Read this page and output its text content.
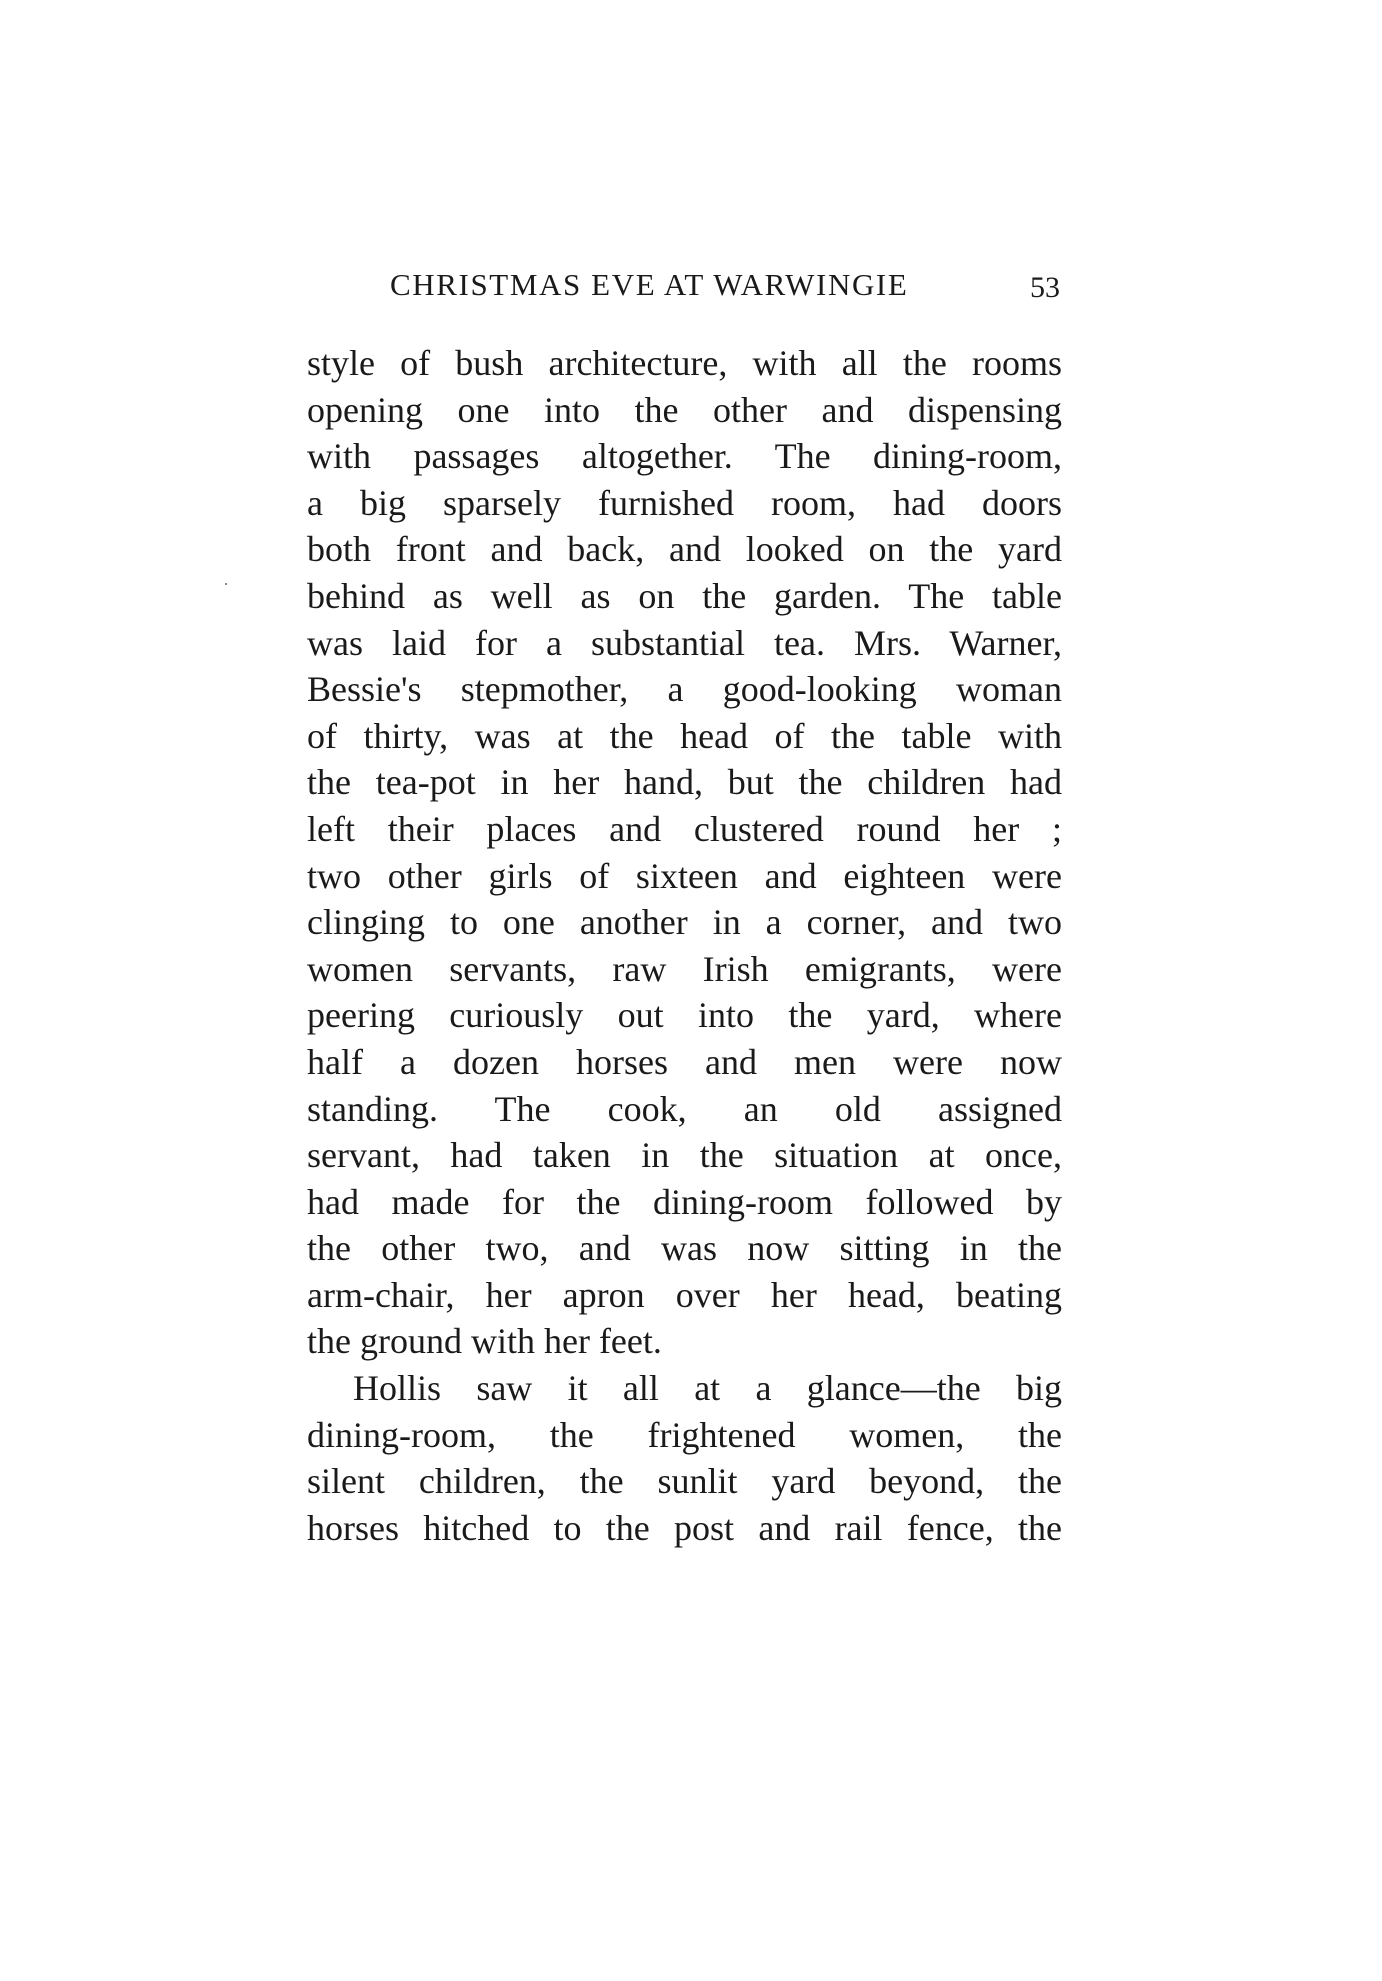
CHRISTMAS EVE AT WARWINGIE	53
style of bush architecture, with all the rooms
opening one into the other and dispensing
with passages altogether. The dining-room,
a big sparsely furnished room, had doors
both front and back, and looked on the yard
behind as well as on the garden. The table
was laid for a substantial tea. Mrs. Warner,
Bessie's stepmother, a good-looking woman
of thirty, was at the head of the table with
the tea-pot in her hand, but the children had
left their places and clustered round her ;
two other girls of sixteen and eighteen were
clinging to one another in a corner, and two
women servants, raw Irish emigrants, were
peering curiously out into the yard, where
half a dozen horses and men were now
standing. The cook, an old assigned
servant, had taken in the situation at once,
had made for the dining-room followed by
the other two, and was now sitting in the
arm-chair, her apron over her head, beating
the ground with her feet.
Hollis saw it all at a glance—the big
dining-room, the frightened women, the
silent children, the sunlit yard beyond, the
horses hitched to the post and rail fence, the
